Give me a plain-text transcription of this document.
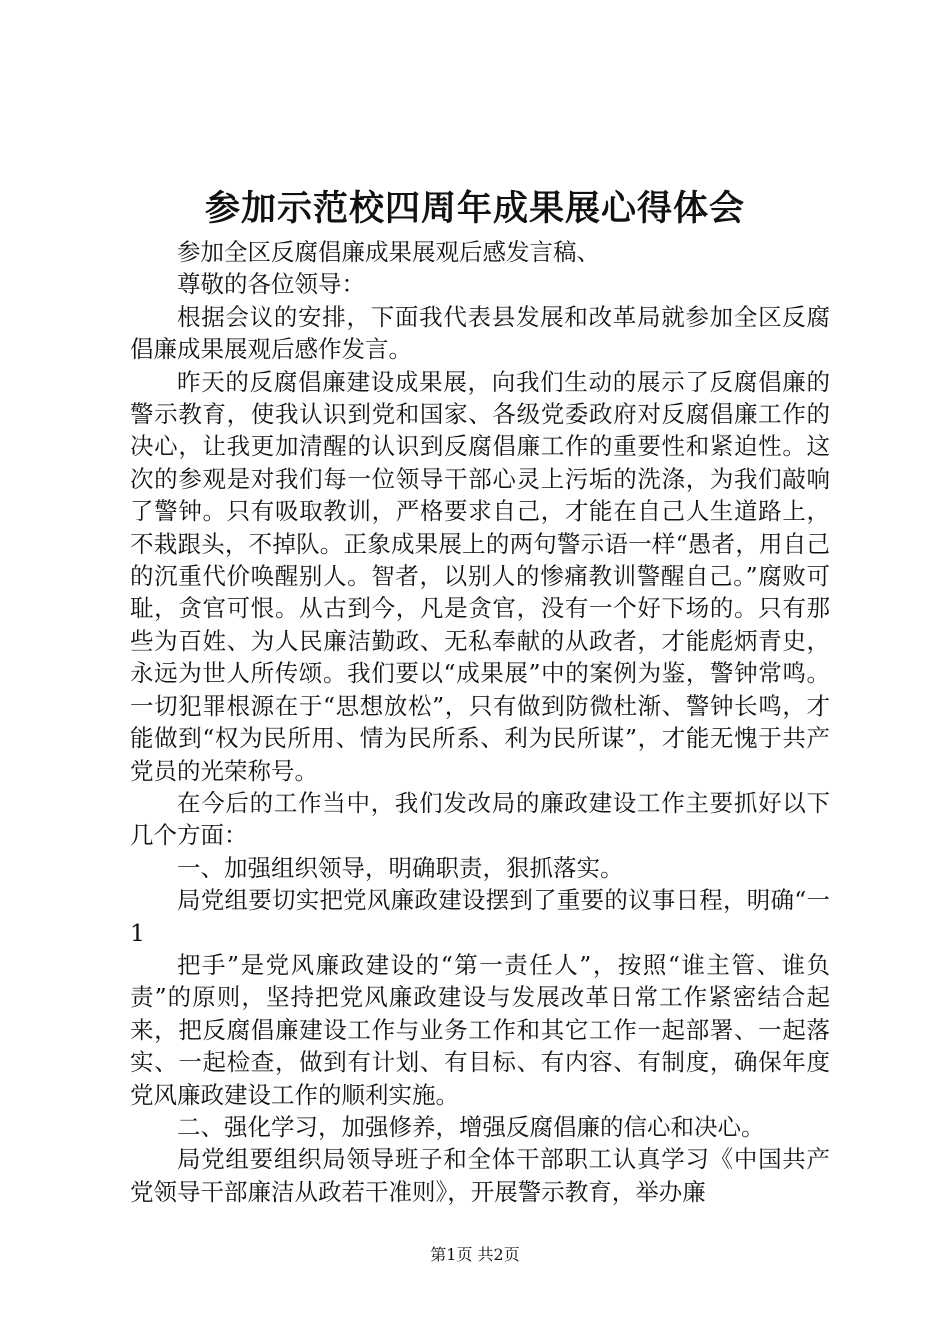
参加示范校四周年成果展心得体会

参加全区反腐倡廉成果展观后感发言稿、

尊敬的各位领导：

根据会议的安排，下面我代表县发展和改革局就参加全区反腐倡廉成果展观后感作发言。

昨天的反腐倡廉建设成果展，向我们生动的展示了反腐倡廉的警示教育，使我认识到党和国家、各级党委政府对反腐倡廉工作的决心，让我更加清醒的认识到反腐倡廉工作的重要性和紧迫性。这次的参观是对我们每一位领导干部心灵上污垢的洗涤，为我们敲响了警钟。只有吸取教训，严格要求自己，才能在自己人生道路上，不栽跟头，不掉队。正象成果展上的两句警示语一样“愚者，用自己的沉重代价唤醒别人。智者，以别人的惨痛教训警醒自己。”腐败可耻，贪官可恨。从古到今，凡是贪官，没有一个好下场的。只有那些为百姓、为人民廉洁勤政、无私奉献的从政者，才能彪炳青史，永远为世人所传颂。我们要以“成果展”中的案例为鉴，警钟常鸣。一切犯罪根源在于“思想放松”，只有做到防微杜渐、警钟长鸣，才能做到“权为民所用、情为民所系、利为民所谋”，才能无愧于共产党员的光荣称号。

在今后的工作当中，我们发改局的廉政建设工作主要抓好以下几个方面：

一、加强组织领导，明确职责，狠抓落实。

局党组要切实把党风廉政建设摆到了重要的议事日程，明确“一1

把手”是党风廉政建设的“第一责任人”，按照“谁主管、谁负责”的原则，坚持把党风廉政建设与发展改革日常工作紧密结合起来，把反腐倡廉建设工作与业务工作和其它工作一起部署、一起落实、一起检查，做到有计划、有目标、有内容、有制度，确保年度党风廉政建设工作的顺利实施。

二、强化学习，加强修养，增强反腐倡廉的信心和决心。

局党组要组织局领导班子和全体干部职工认真学习《中国共产党领导干部廉洁从政若干准则》，开展警示教育，举办廉

第1页 共2页
